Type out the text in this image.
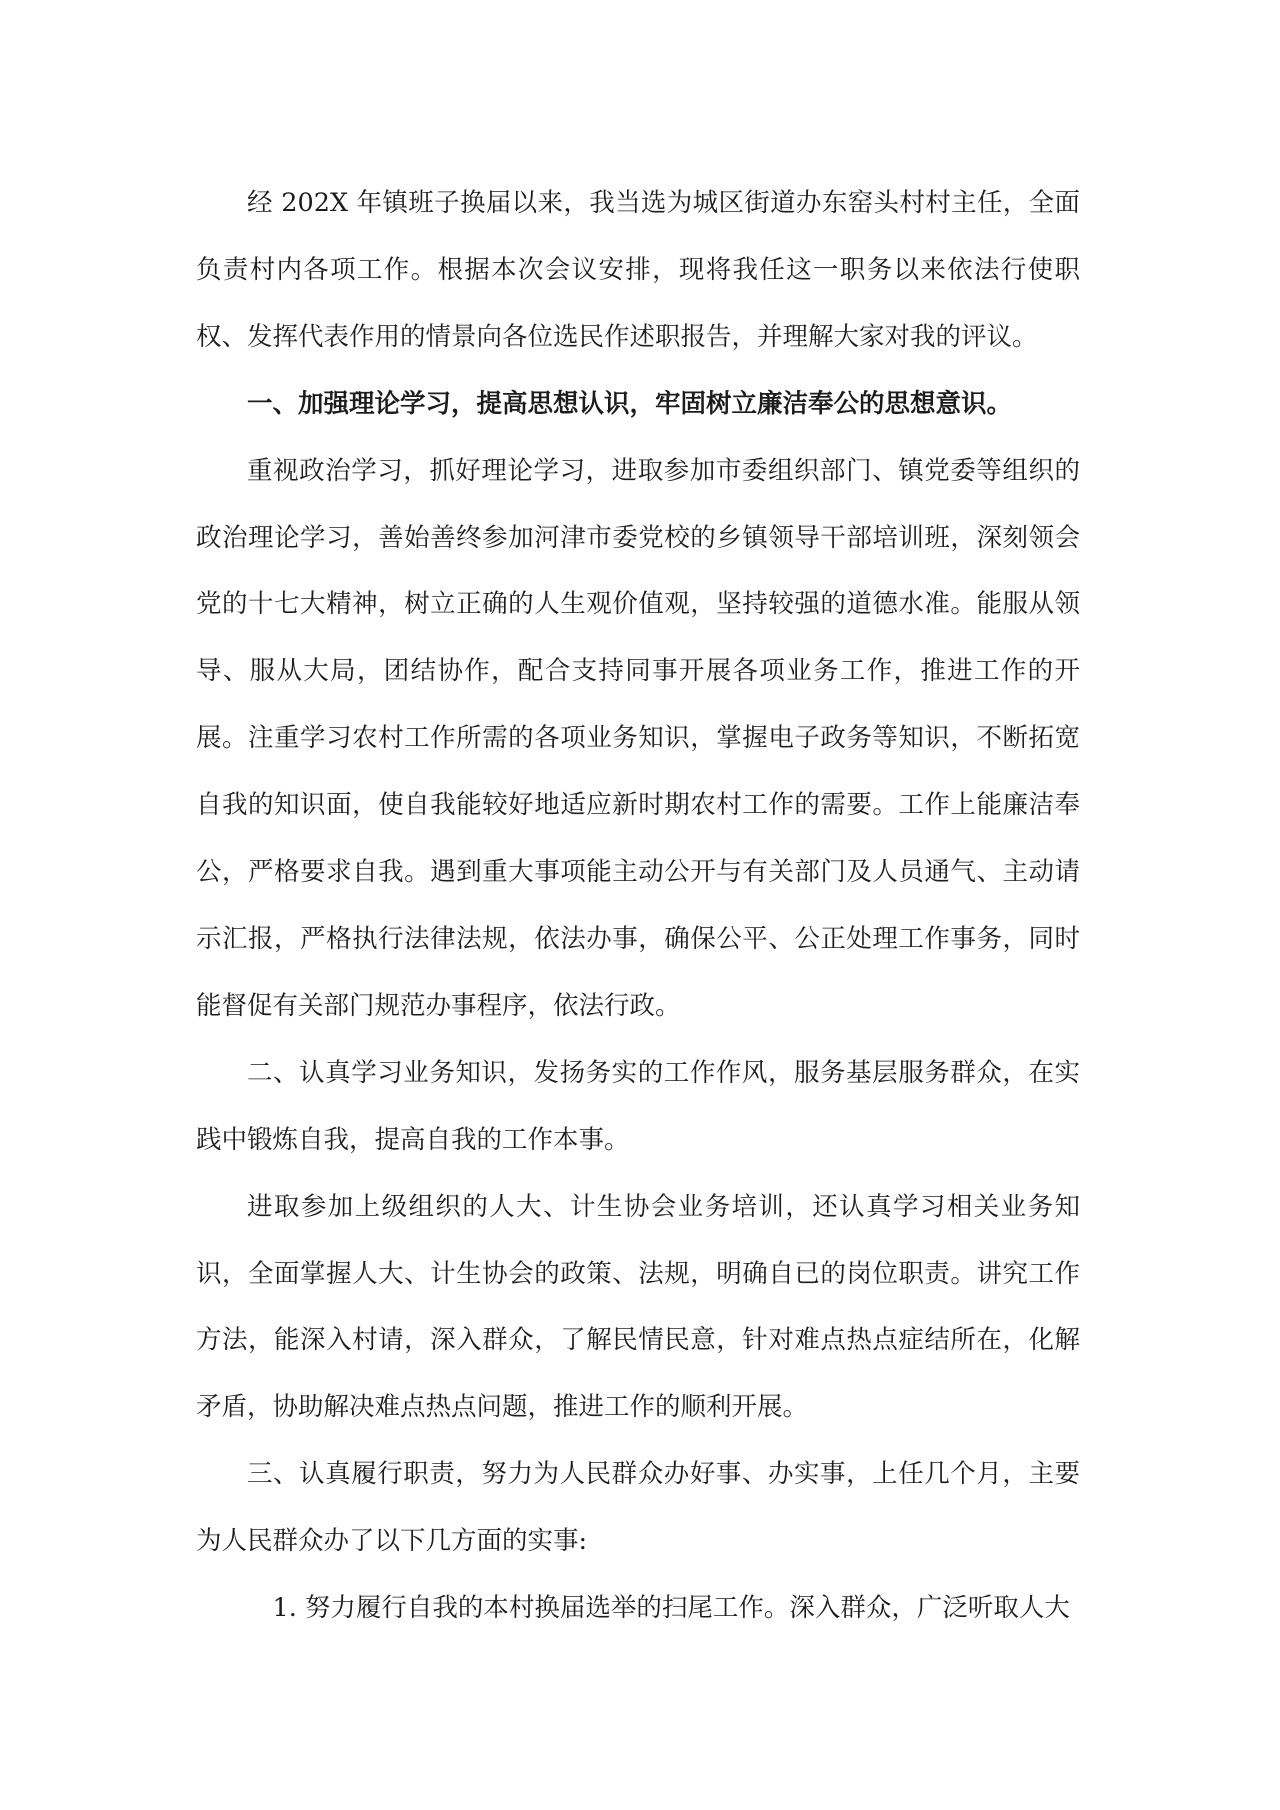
经 202X 年镇班子换届以来，我当选为城区街道办东窑头村村主任，全面负责村内各项工作。根据本次会议安排，现将我任这一职务以来依法行使职权、发挥代表作用的情景向各位选民作述职报告，并理解大家对我的评议。

一、加强理论学习，提高思想认识，牢固树立廉洁奉公的思想意识。

重视政治学习，抓好理论学习，进取参加市委组织部门、镇党委等组织的政治理论学习，善始善终参加河津市委党校的乡镇领导干部培训班，深刻领会党的十七大精神，树立正确的人生观价值观，坚持较强的道德水准。能服从领导、服从大局，团结协作，配合支持同事开展各项业务工作，推进工作的开展。注重学习农村工作所需的各项业务知识，掌握电子政务等知识，不断拓宽自我的知识面，使自我能较好地适应新时期农村工作的需要。工作上能廉洁奉公，严格要求自我。遇到重大事项能主动公开与有关部门及人员通气、主动请示汇报，严格执行法律法规，依法办事，确保公平、公正处理工作事务，同时能督促有关部门规范办事程序，依法行政。

二、认真学习业务知识，发扬务实的工作作风，服务基层服务群众，在实践中锻炼自我，提高自我的工作本事。

进取参加上级组织的人大、计生协会业务培训，还认真学习相关业务知识，全面掌握人大、计生协会的政策、法规，明确自已的岗位职责。讲究工作方法，能深入村请，深入群众，了解民情民意，针对难点热点症结所在，化解矛盾，协助解决难点热点问题，推进工作的顺利开展。

三、认真履行职责，努力为人民群众办好事、办实事，上任几个月，主要为人民群众办了以下几方面的实事:

1. 努力履行自我的本村换届选举的扫尾工作。深入群众，广泛听取人大
